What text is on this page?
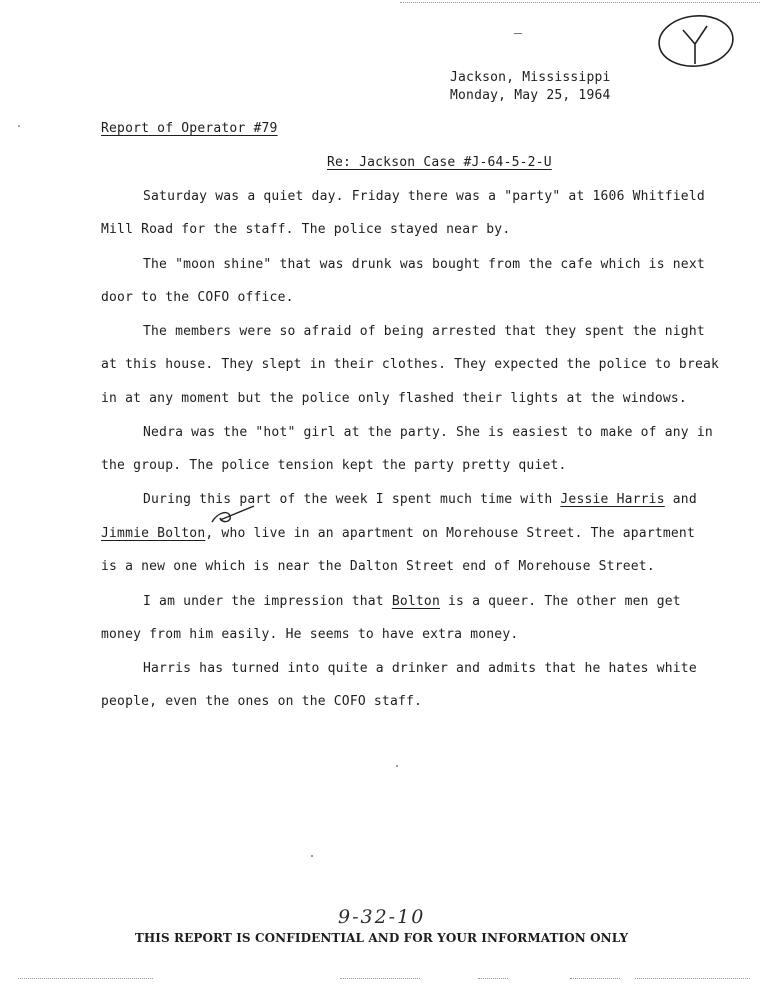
Jackson, Mississippi
Monday, May 25, 1964
Report of Operator #79
Re: Jackson Case #J-64-5-2-U
Saturday was a quiet day. Friday there was a "party" at 1606 Whitfield
Mill Road for the staff. The police stayed near by.
The "moon shine" that was drunk was bought from the cafe which is next
door to the COFO office.
The members were so afraid of being arrested that they spent the night
at this house. They slept in their clothes. They expected the police to break
in at any moment but the police only flashed their lights at the windows.
Nedra was the "hot" girl at the party. She is easiest to make of any in
the group. The police tension kept the party pretty quiet.
During this part of the week I spent much time with Jessie Harris and
Jimmie Bolton, who live in an apartment on Morehouse Street. The apartment
is a new one which is near the Dalton Street end of Morehouse Street.
I am under the impression that Bolton is a queer. The other men get
money from him easily. He seems to have extra money.
Harris has turned into quite a drinker and admits that he hates white
people, even the ones on the COFO staff.
9-32-10
THIS REPORT IS CONFIDENTIAL AND FOR YOUR INFORMATION ONLY
